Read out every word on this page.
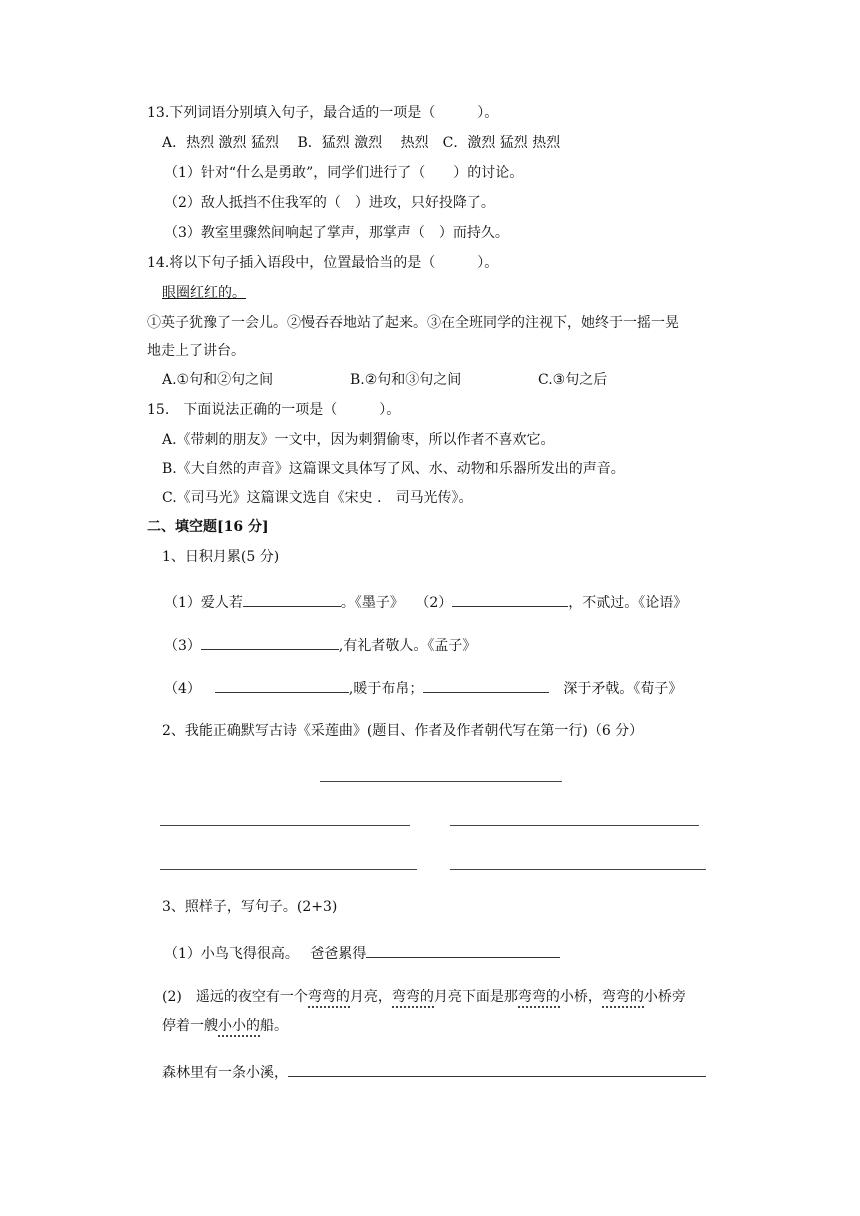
13.下列词语分别填入句子，最合适的一项是（　　　）。
A．热烈 激烈 猛烈　 B．猛烈 激烈　 热烈　C．激烈 猛烈 热烈
（1）针对“什么是勇敢”，同学们进行了（　　）的讨论。
（2）敌人抵挡不住我军的（　）进攻，只好投降了。
（3）教室里骤然间响起了掌声，那掌声（　）而持久。
14.将以下句子插入语段中，位置最恰当的是（　　　）。
眼圈红红的。
①英子犹豫了一会儿。②慢吞吞地站了起来。③在全班同学的注视下，她终于一摇一晃
地走上了讲台。
A.①句和②句之间	B.②句和③句之间	C.③句之后
15.　下面说法正确的一项是（　　　）。
A.《带刺的朋友》一文中，因为刺猬偷枣，所以作者不喜欢它。
B.《大自然的声音》这篇课文具体写了风、水、动物和乐器所发出的声音。
C.《司马光》这篇课文选自《宋史 ． 司马光传》。
二、填空题[16 分]
1、日积月累(5 分)
（1）爱人若	。《墨子》　 （2）	，不贰过。《论语》
（3）	,有礼者敬人。《孟子》
（4）	,暖于布帛；	深于矛戟。《荀子》
2、我能正确默写古诗《采莲曲》(题目、作者及作者朝代写在第一行)（6 分）
3、照样子，写句子。(2+3)
（1）小鸟飞得很高。　 爸爸累得
(2)　遥远的夜空有一个弯弯的月亮，弯弯的月亮下面是那弯弯的小桥，弯弯的小桥旁
停着一艘小小的船。
森林里有一条小溪，
